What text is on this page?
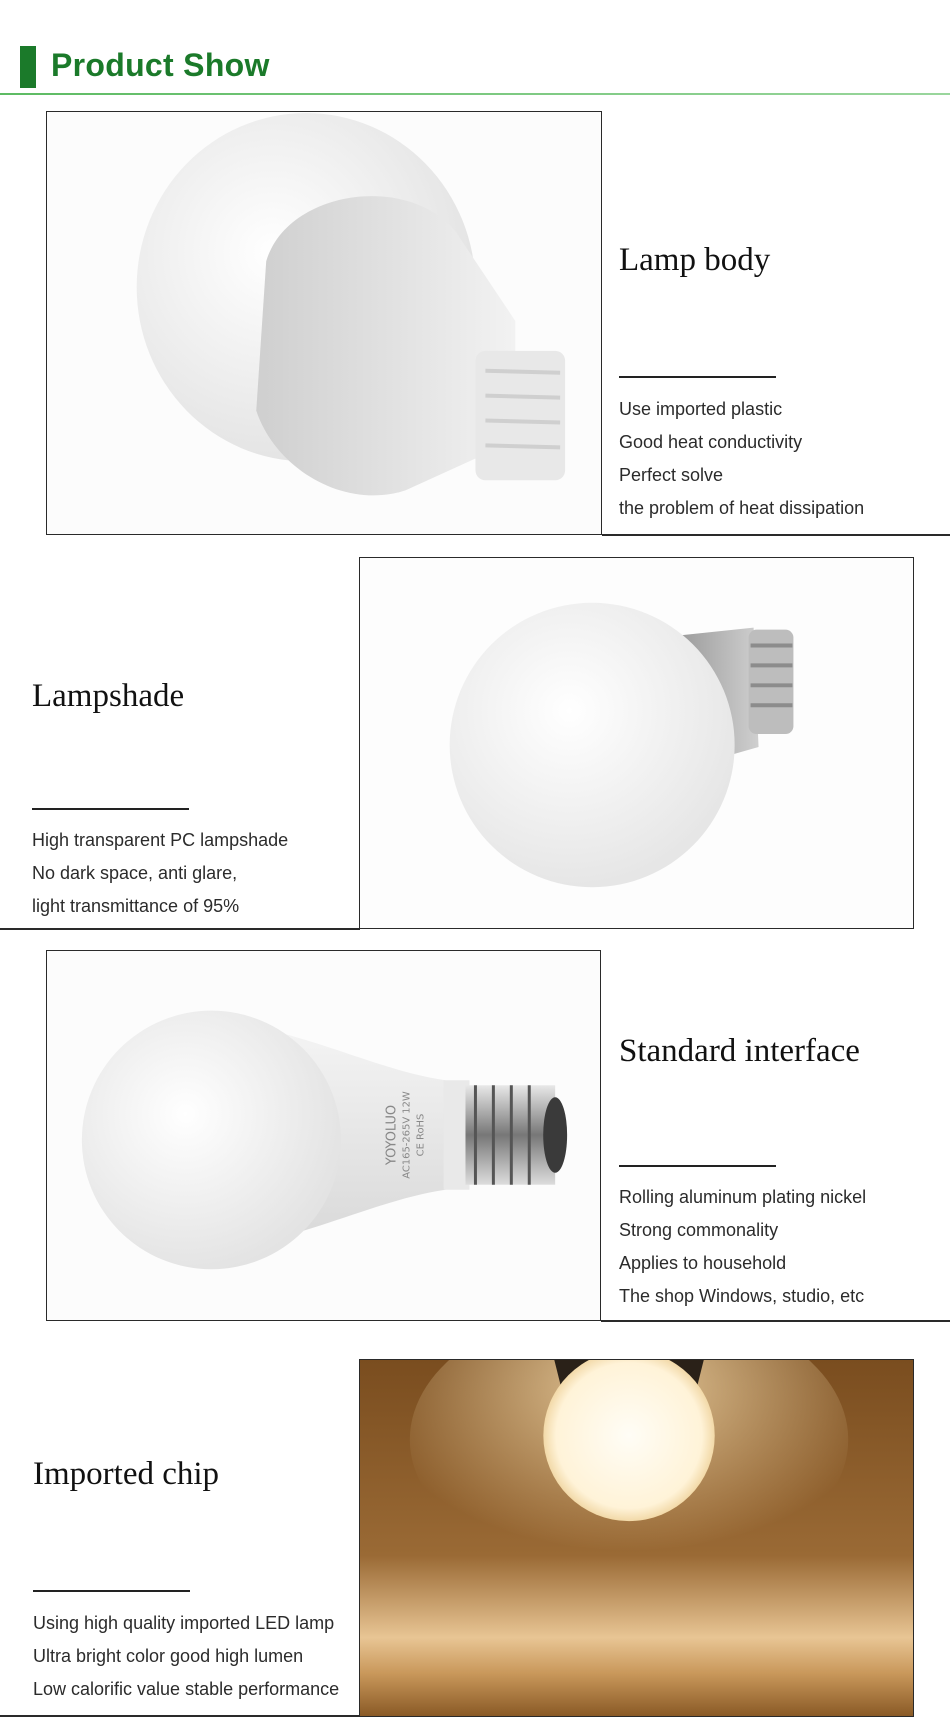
Product Show
Lamp body
Use imported plastic
Good heat conductivity
Perfect solve
the problem of heat dissipation
Lampshade
High transparent PC lampshade
No dark space, anti glare,
light transmittance of 95%
YOYOLUO AC165-265V 12W CE RoHS
Standard interface
Rolling aluminum plating nickel
Strong commonality
Applies to household
The shop Windows, studio, etc
Imported chip
Using high quality imported LED lamp
Ultra bright color good high lumen
Low calorific value stable performance
